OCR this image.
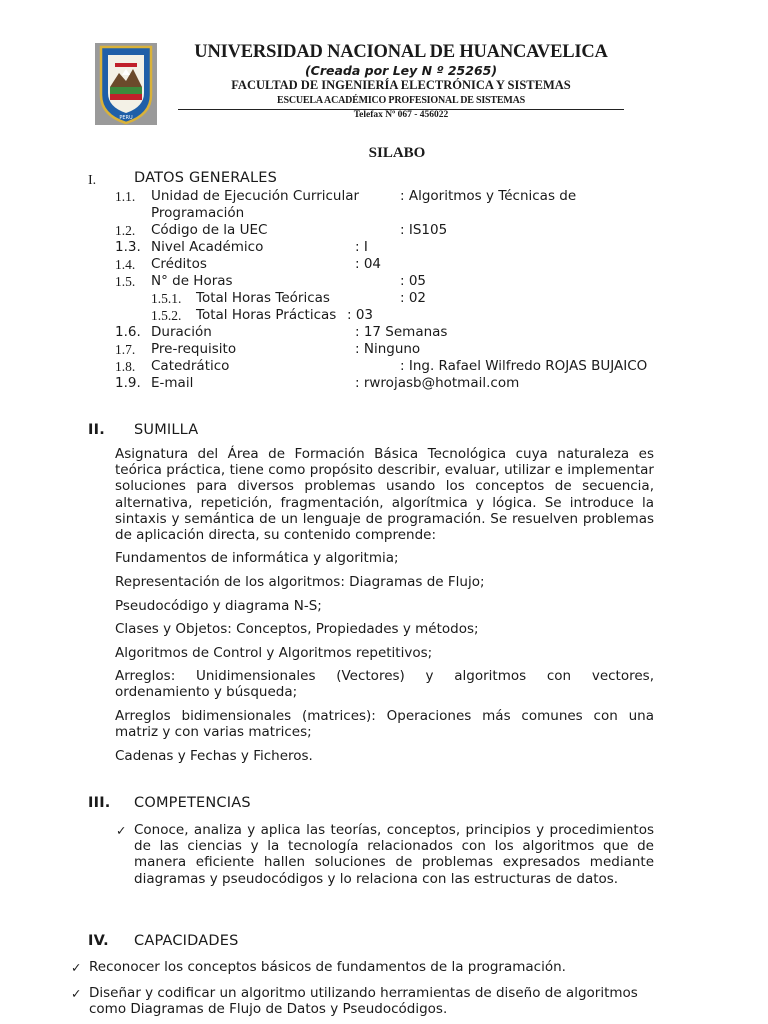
PERU
UNIVERSIDAD NACIONAL DE HUANCAVELICA
(Creada por Ley N º 25265)
FACULTAD DE INGENIERÍA ELECTRÓNICA Y SISTEMAS
ESCUELA ACADÉMICO PROFESIONAL DE SISTEMAS
Telefax Nº 067 - 456022
SILABO
I.	DATOS GENERALES
1.1. Unidad de Ejecución Curricular	: Algoritmos y Técnicas de
Programación
1.2. Código de la UEC	: IS105
1.3. Nivel Académico	: I
1.4. Créditos	: 04
1.5. N° de Horas	: 05
1.5.1. Total Horas Teóricas	: 02
1.5.2. Total Horas Prácticas : 03
1.6. Duración	: 17 Semanas
1.7. Pre-requisito	: Ninguno
1.8. Catedrático	: Ing. Rafael Wilfredo ROJAS BUJAICO
1.9. E-mail	: rwrojasb@hotmail.com
II. SUMILLA
Asignatura del Área de Formación Básica Tecnológica cuya naturaleza es teórica práctica, tiene como propósito describir, evaluar, utilizar e implementar soluciones para diversos problemas usando los conceptos de secuencia, alternativa, repetición, fragmentación, algorítmica y lógica. Se introduce la sintaxis y semántica de un lenguaje de programación. Se resuelven problemas de aplicación directa, su contenido comprende:
Fundamentos de informática y algoritmia;
Representación de los algoritmos: Diagramas de Flujo;
Pseudocódigo y diagrama N-S;
Clases y Objetos: Conceptos, Propiedades y métodos;
Algoritmos de Control y Algoritmos repetitivos;
Arreglos: Unidimensionales (Vectores) y algoritmos con vectores, ordenamiento y búsqueda;
Arreglos bidimensionales (matrices): Operaciones más comunes con una matriz y con varias matrices;
Cadenas y Fechas y Ficheros.
III. COMPETENCIAS
✓ Conoce, analiza y aplica las teorías, conceptos, principios y procedimientos de las ciencias y la tecnología relacionados con los algoritmos que de manera eficiente hallen soluciones de problemas expresados mediante diagramas y pseudocódigos y lo relaciona con las estructuras de datos.
IV. CAPACIDADES
✓ Reconocer los conceptos básicos de fundamentos de la programación.
✓ Diseñar y codificar un algoritmo utilizando herramientas de diseño de algoritmos como Diagramas de Flujo de Datos y Pseudocódigos.
